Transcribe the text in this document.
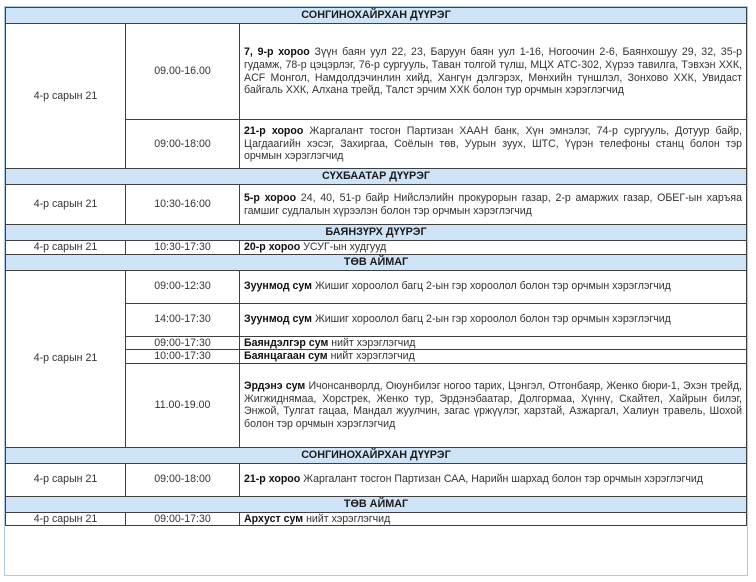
СОНГИНОХАЙРХАН ДҮҮРЭГ		
4-р сарын 21	09.00-16.00	7, 9-р хороо Зүүн баян уул 22, 23, Баруун баян уул 1-16, Ногоочин 2-6, Баянхошуу 29, 32, 35-р гудамж, 78-р цэцэрлэг, 76-р сургууль, Таван толгой түлш, МЦХ АТС-302, Хүрээ тавилга, Тэвхэн ХХК, ACF Монгол, Намдолдэчинлин хийд, Хангүн дэлгэрэх, Мөнхийн түншлэл, Зонхово ХХК, Увидаст байгаль ХХК, Алхана трейд, Талст эрчим ХХК болон тур орчмын хэрэглэгчид
	09:00-18:00	21-р хороо Жаргалант тосгон Партизан ХААН банк, Хүн эмнэлэг, 74-р сургууль, Дотуур байр, Цагдаагийн хэсэг, Захиргаа, Соёлын төв, Уурын зуух, ШТС, Үүрэн телефоны станц болон тэр орчмын хэрэглэгчид
СҮХБААТАР ДҮҮРЭГ		
4-р сарын 21	10:30-16:00	5-р хороо 24, 40, 51-р байр Нийслэлийн прокурорын газар, 2-р амаржих газар, ОБЕГ-ын харъяа гамшиг судлалын хүрээлэн болон тэр орчмын хэрэглэгчид
БАЯНЗҮРХ ДҮҮРЭГ		
4-р сарын 21	10:30-17:30	20-р хороо УСУГ-ын худгууд
ТӨВ АЙМАГ		
4-р сарын 21	09:00-12:30	Зуунмод сум Жишиг хороолол багц 2-ын гэр хороолол болон тэр орчмын хэрэглэгчид
	14:00-17:30	Зуунмод сум Жишиг хороолол багц 2-ын гэр хороолол болон тэр орчмын хэрэглэгчид
	09:00-17:30	Баяндэлгэр сум нийт хэрэглэгчид
	10:00-17:30	Баянцагаан сум нийт хэрэглэгчид
	11.00-19.00	Эрдэнэ сум Ичонсанворлд, Оюунбилэг ногоо тарих, Цэнгэл, Отгонбаяр, Женко бюри-1, Эхэн трейд, Жигжиднямаа, Хорстрек, Женко тур, Эрдэнэбаатар, Долгормаа, Хүннү, Скайтел, Хайрын билэг, Энжой, Тулгат гацаа, Мандал жуулчин, загас үржүүлэг, харзтай, Азжаргал, Халиун травель, Шохой болон тэр орчмын хэрэглэгчид
СОНГИНОХАЙРХАН ДҮҮРЭГ		
4-р сарын 21	09:00-18:00	21-р хороо Жаргалант тосгон Партизан САА, Нарийн шархад болон тэр орчмын хэрэглэгчид
ТӨВ АЙМАГ		
4-р сарын 21	09:00-17:30	Архуст сум нийт хэрэглэгчид
